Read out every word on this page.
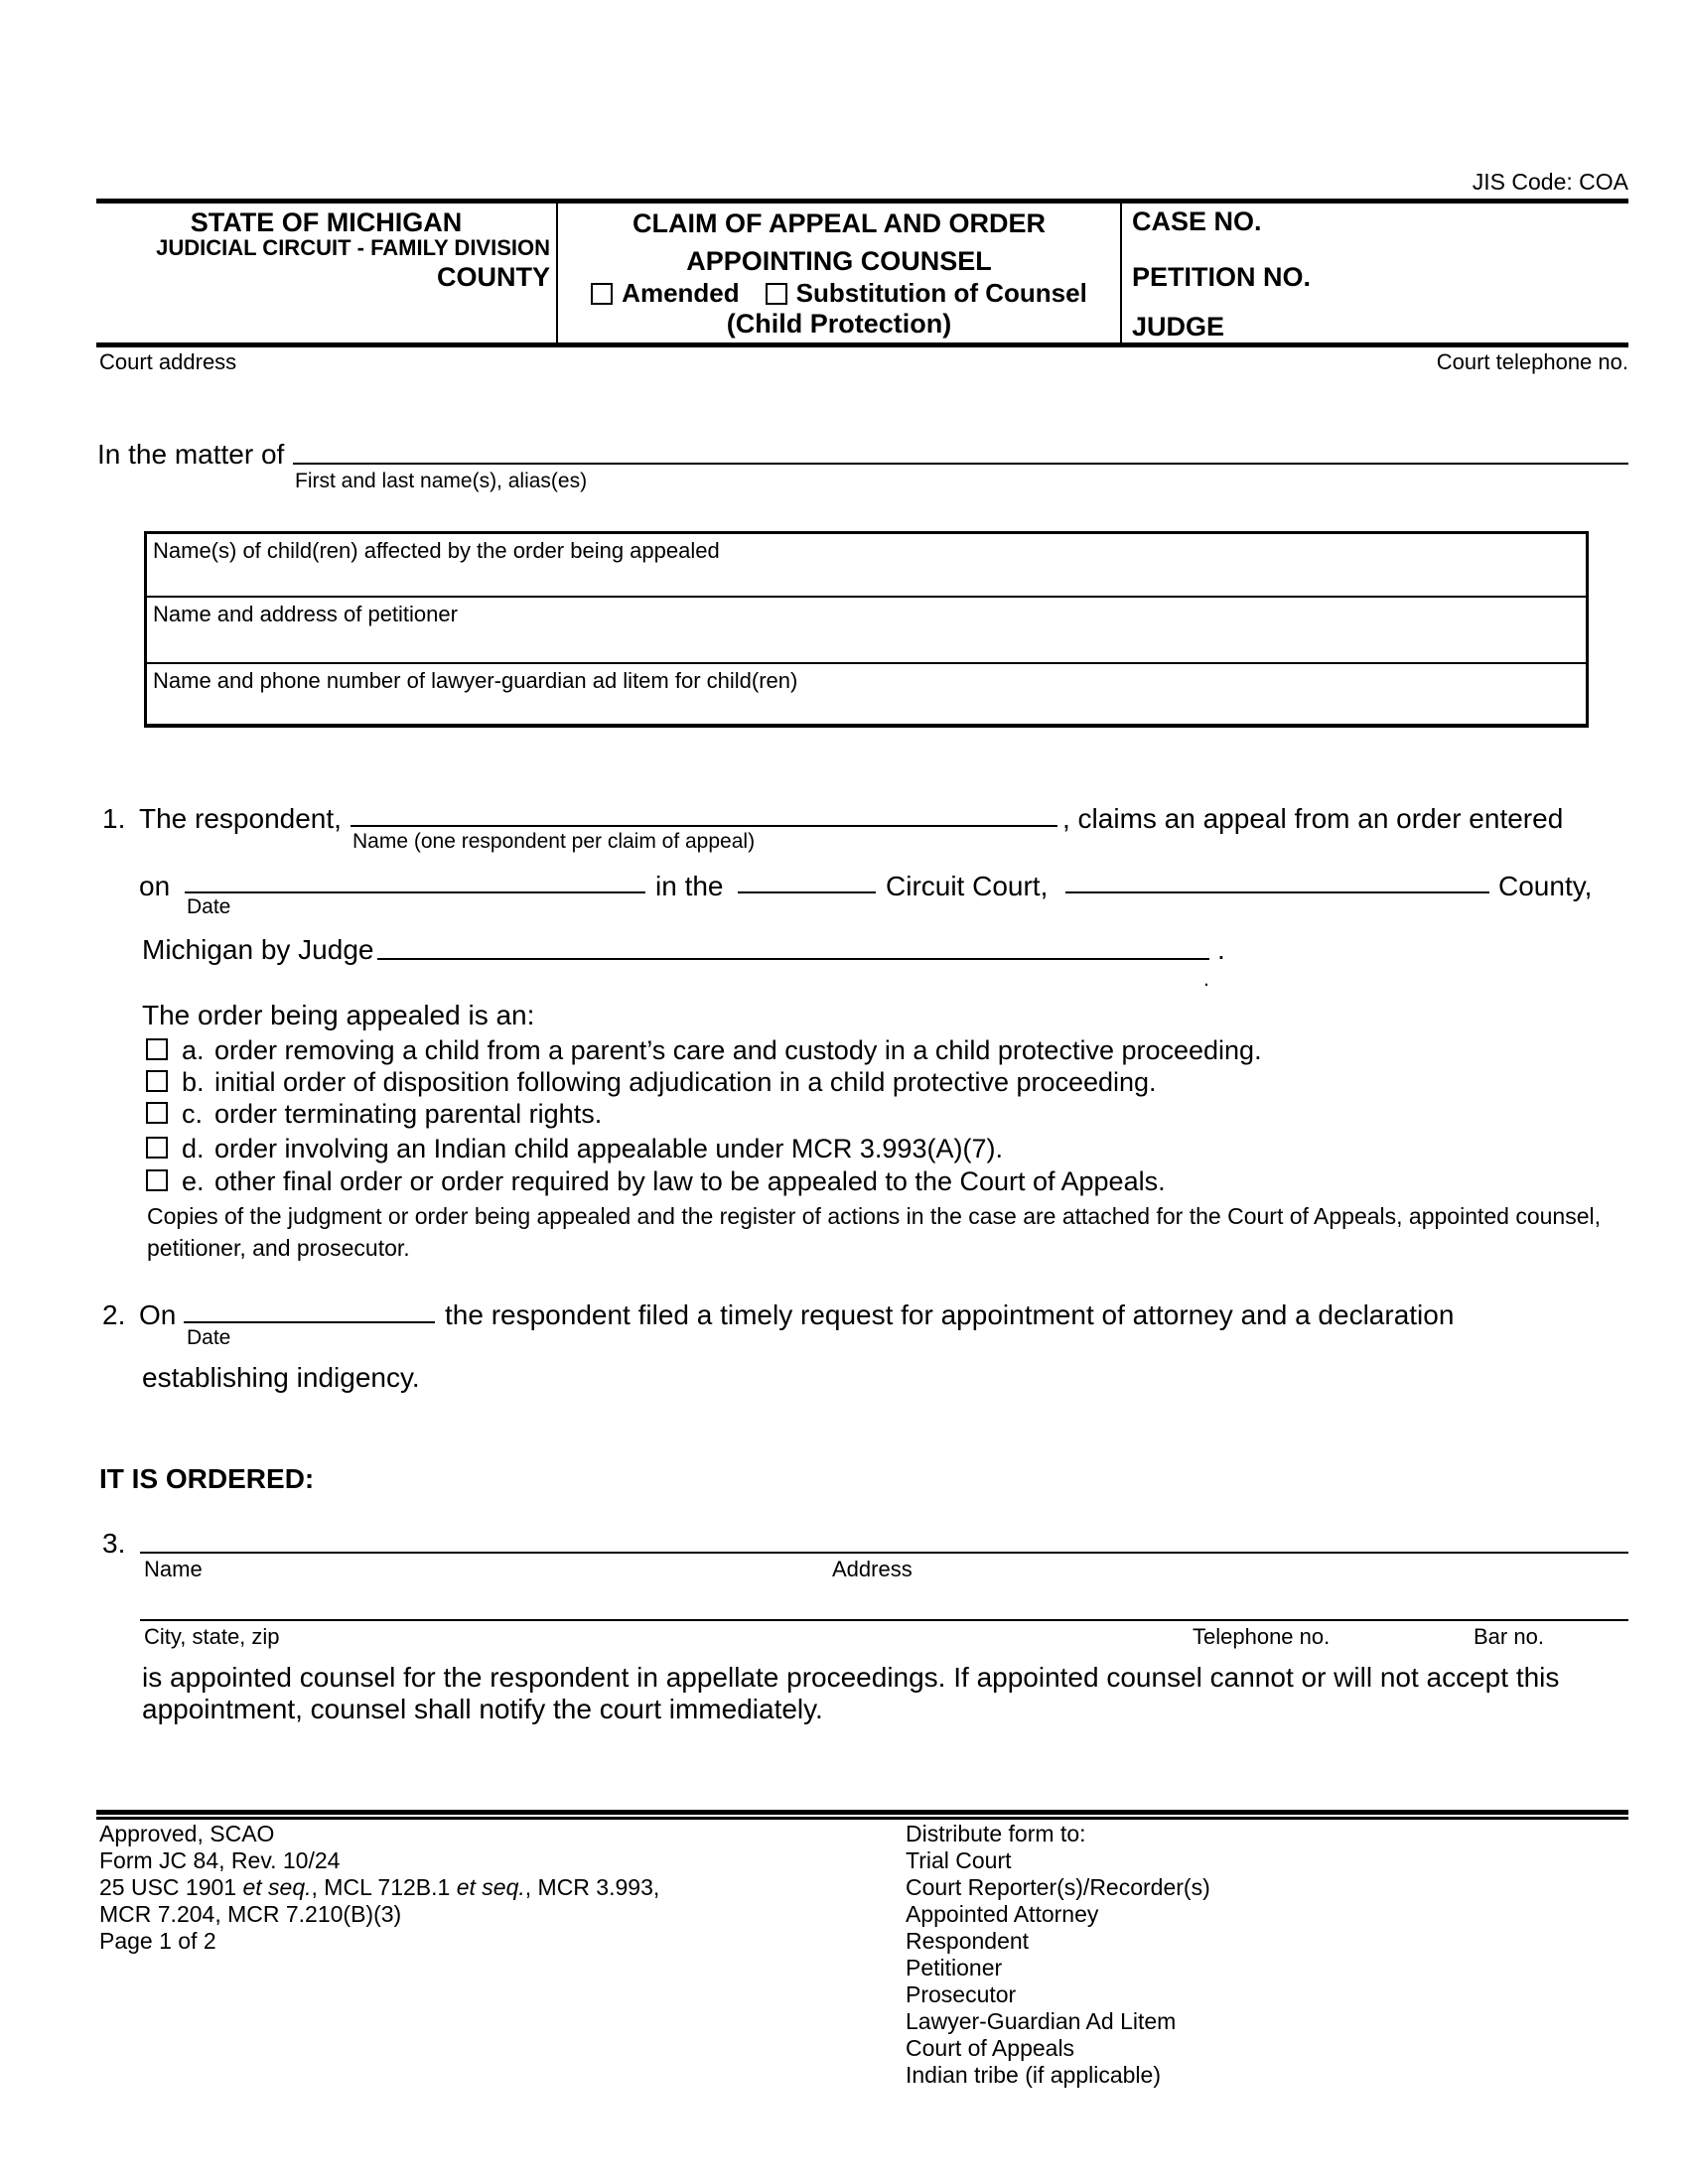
JIS Code: COA
STATE OF MICHIGAN
JUDICIAL CIRCUIT - FAMILY DIVISION
COUNTY
CLAIM OF APPEAL AND ORDER
APPOINTING COUNSEL
Amended Substitution of Counsel
(Child Protection)
CASE NO.
PETITION NO.
JUDGE
Court address	Court telephone no.
In the matter of
First and last name(s), alias(es)
Name(s) of child(ren) affected by the order being appealed
Name and address of petitioner
Name and phone number of lawyer-guardian ad litem for child(ren)
1. The respondent,	, claims an appeal from an order entered
Name (one respondent per claim of appeal)
on
Date
in the	Circuit Court,	County,
Michigan by Judge	.
.
The order being appealed is an:
a. order removing a child from a parent’s care and custody in a child protective proceeding.
b. initial order of disposition following adjudication in a child protective proceeding.
c. order terminating parental rights.
d. order involving an Indian child appealable under MCR 3.993(A)(7).
e. other final order or order required by law to be appealed to the Court of Appeals.
Copies of the judgment or order being appealed and the register of actions in the case are attached for the Court of Appeals, appointed counsel,
petitioner, and prosecutor.
2. On
Date
the respondent filed a timely request for appointment of attorney and a declaration
establishing indigency.
IT IS ORDERED:
3.
Name	Address
City, state, zip	Telephone no.	Bar no.
is appointed counsel for the respondent in appellate proceedings. If appointed counsel cannot or will not accept this
appointment, counsel shall notify the court immediately.
Approved, SCAO
Form JC 84, Rev. 10/24
25 USC 1901 et seq., MCL 712B.1 et seq., MCR 3.993,
MCR 7.204, MCR 7.210(B)(3)
Page 1 of 2
Distribute form to:
Trial Court
Court Reporter(s)/Recorder(s)
Appointed Attorney
Respondent
Petitioner
Prosecutor
Lawyer-Guardian Ad Litem
Court of Appeals
Indian tribe (if applicable)
